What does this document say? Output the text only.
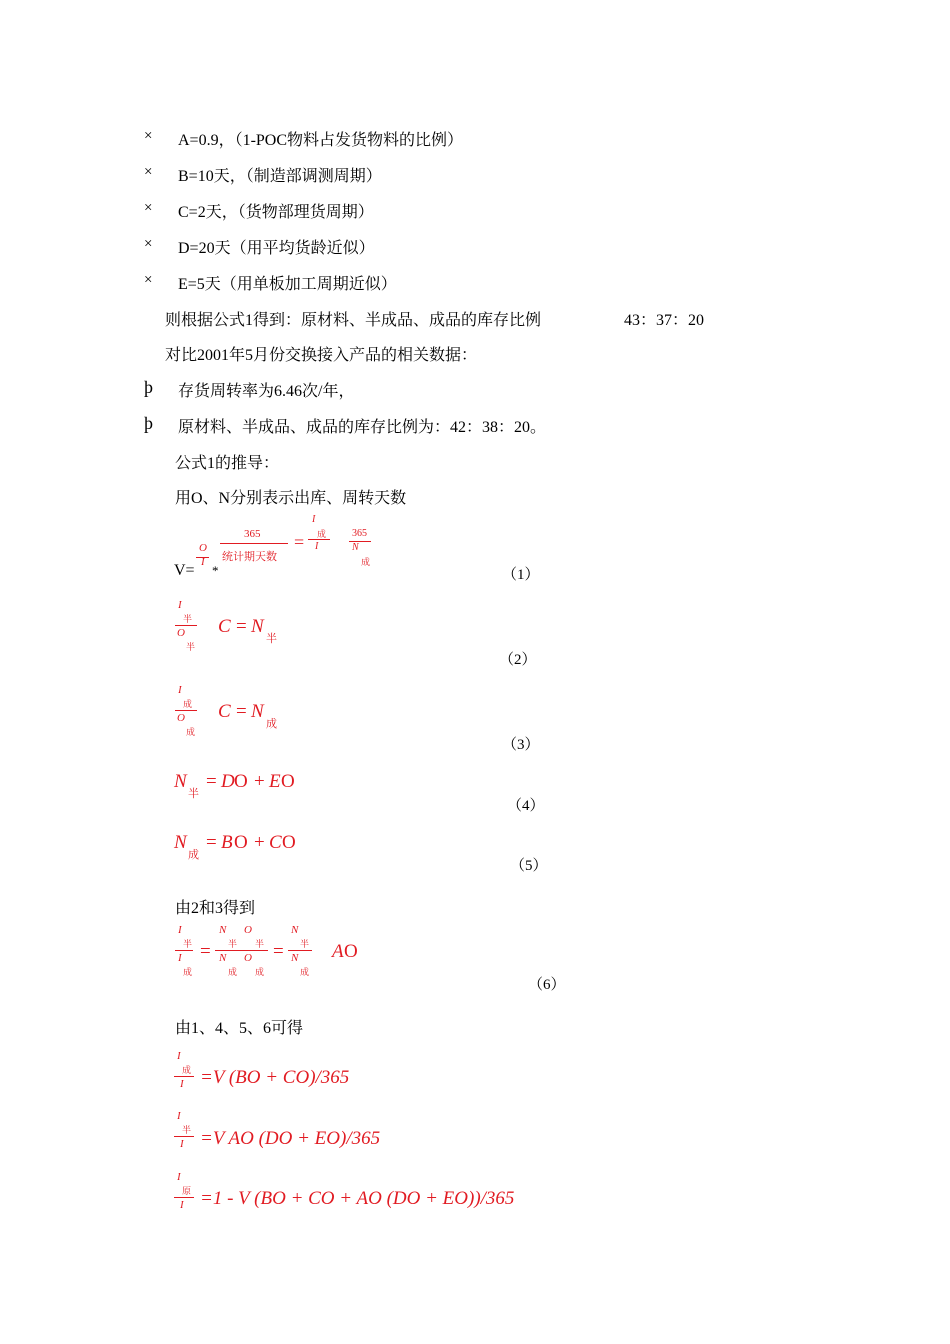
× A=0.9，（1-POC物料占发货物料的比例）
× B=10天，（制造部调测周期）
× C=2天，（货物部理货周期）
× D=20天（用平均货龄近似）
× E=5天（用单板加工周期近似）
则根据公式1得到：原材料、半成品、成品的库存比例	43：37：20
对比2001年5月份交换接入产品的相关数据：
þ 存货周转率为6.46次/年，
þ 原材料、半成品、成品的库存比例为：42：38：20。
公式1的推导：
用O、N分别表示出库、周转天数
V=
O
I
*
365
统计期天数
=
I
成
I
365
N
成
（1）
I
半
O
半
C = N
半
（2）
I
成
O
成
C = N
成
（3）
N
半
= D O + E O
（4）
N
成
= B O + C O
（5）
由2和3得到
I
半
I
成
=
N O
半 半
N O
成 成
=
N
半
N
成
A O
（6）
由1、4、5、6可得
I
成
I =V (BO + CO)/365
I
半
I =V AO (DO + EO)/365
I
原
I =1 - V (BO + CO + AO (DO + EO))/365
